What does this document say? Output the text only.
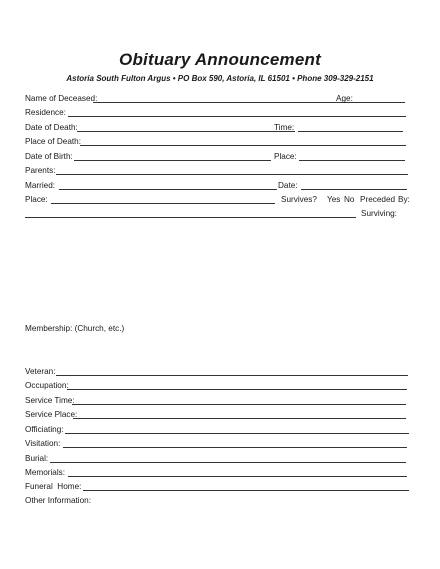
Obituary Announcement
Astoria South Fulton Argus • PO Box 590, Astoria, IL 61501 • Phone 309-329-2151
Name of Deceased:	Age:
Residence:
Date of Death:	Time:
Place of Death:
Date of Birth:	Place:
Parents:
Married:	Date:
Place:	Survives? Yes No Preceded By:
Surviving:
Membership: (Church, etc.)
Veteran:
Occupation:
Service Time:
Service Place:
Officiating:
Visitation:
Burial:
Memorials:
Funeral  Home:
Other Information:
